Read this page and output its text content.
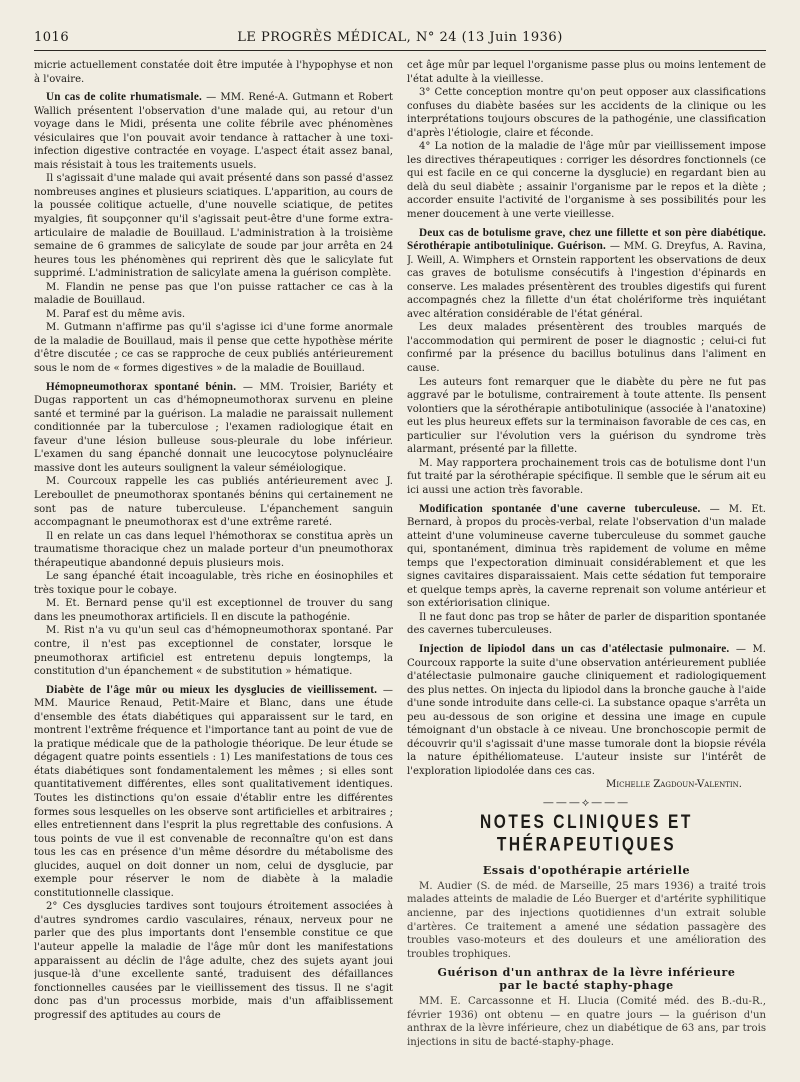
1016	LE PROGRÈS MÉDICAL, N° 24 (13 Juin 1936)

micrie actuellement constatée doit être imputée à l'hypophyse et non à l'ovaire.

Un cas de colite rhumatismale. — MM. René-A. Gutmann et Robert Wallich présentent l'observation d'une malade qui, au retour d'un voyage dans le Midi, présenta une colite fébrile avec phénomènes vésiculaires que l'on pouvait avoir tendance à rattacher à une toxi-infection digestive contractée en voyage. L'aspect était assez banal, mais résistait à tous les traitements usuels.

Il s'agissait d'une malade qui avait présenté dans son passé d'assez nombreuses angines et plusieurs sciatiques. L'apparition, au cours de la poussée colitique actuelle, d'une nouvelle sciatique, de petites myalgies, fit soupçonner qu'il s'agissait peut-être d'une forme extra-articulaire de maladie de Bouillaud. L'administration à la troisième semaine de 6 grammes de salicylate de soude par jour arrêta en 24 heures tous les phénomènes qui reprirent dès que le salicylate fut supprimé. L'administration de salicylate amena la guérison complète.

M. Flandin ne pense pas que l'on puisse rattacher ce cas à la maladie de Bouillaud.

M. Paraf est du même avis.

M. Gutmann n'affirme pas qu'il s'agisse ici d'une forme anormale de la maladie de Bouillaud, mais il pense que cette hypothèse mérite d'être discutée ; ce cas se rapproche de ceux publiés antérieurement sous le nom de « formes digestives » de la maladie de Bouillaud.

Hémopneumothorax spontané bénin. — MM. Troisier, Bariéty et Dugas rapportent un cas d'hémopneumothorax survenu en pleine santé et terminé par la guérison. La maladie ne paraissait nullement conditionnée par la tuberculose ; l'examen radiologique était en faveur d'une lésion bulleuse sous-pleurale du lobe inférieur. L'examen du sang épanché donnait une leucocytose polynucléaire massive dont les auteurs soulignent la valeur séméiologique.

M. Courcoux rappelle les cas publiés antérieurement avec J. Lereboullet de pneumothorax spontanés bénins qui certainement ne sont pas de nature tuberculeuse. L'épanchement sanguin accompagnant le pneumothorax est d'une extrême rareté.

Il en relate un cas dans lequel l'hémothorax se constitua après un traumatisme thoracique chez un malade porteur d'un pneumothorax thérapeutique abandonné depuis plusieurs mois.

Le sang épanché était incoagulable, très riche en éosinophiles et très toxique pour le cobaye.

M. Et. Bernard pense qu'il est exceptionnel de trouver du sang dans les pneumothorax artificiels. Il en discute la pathogénie.

M. Rist n'a vu qu'un seul cas d'hémopneumothorax spontané. Par contre, il n'est pas exceptionnel de constater, lorsque le pneumothorax artificiel est entretenu depuis longtemps, la constitution d'un épanchement « de substitution » hématique.

Diabète de l'âge mûr ou mieux les dysglucies de vieillissement. — MM. Maurice Renaud, Petit-Maire et Blanc, dans une étude d'ensemble des états diabétiques qui apparaissent sur le tard, en montrent l'extrême fréquence et l'importance tant au point de vue de la pratique médicale que de la pathologie théorique. De leur étude se dégagent quatre points essentiels : 1) Les manifestations de tous ces états diabétiques sont fondamentalement les mêmes ; si elles sont quantitativement différentes, elles sont qualitativement identiques. Toutes les distinctions qu'on essaie d'établir entre les différentes formes sous lesquelles on les observe sont artificielles et arbitraires ; elles entretiennent dans l'esprit la plus regrettable des confusions. A tous points de vue il est convenable de reconnaître qu'on est dans tous les cas en présence d'un même désordre du métabolisme des glucides, auquel on doit donner un nom, celui de dysglucie, par exemple pour réserver le nom de diabète à la maladie constitutionnelle classique.

2° Ces dysglucies tardives sont toujours étroitement associées à d'autres syndromes cardio vasculaires, rénaux, nerveux pour ne parler que des plus importants dont l'ensemble constitue ce que l'auteur appelle la maladie de l'âge mûr dont les manifestations apparaissent au déclin de l'âge adulte, chez des sujets ayant joui jusque-là d'une excellente santé, traduisent des défaillances fonctionnelles causées par le vieillissement des tissus. Il ne s'agit donc pas d'un processus morbide, mais d'un affaiblissement progressif des aptitudes au cours de

cet âge mûr par lequel l'organisme passe plus ou moins lentement de l'état adulte à la vieillesse.

3° Cette conception montre qu'on peut opposer aux classifications confuses du diabète basées sur les accidents de la clinique ou les interprétations toujours obscures de la pathogénie, une classification d'après l'étiologie, claire et féconde.

4° La notion de la maladie de l'âge mûr par vieillissement impose les directives thérapeutiques : corriger les désordres fonctionnels (ce qui est facile en ce qui concerne la dysglucie) en regardant bien au delà du seul diabète ; assainir l'organisme par le repos et la diète ; accorder ensuite l'activité de l'organisme à ses possibilités pour les mener doucement à une verte vieillesse.

Deux cas de botulisme grave, chez une fillette et son père diabétique. Sérothérapie antibotulinique. Guérison. — MM. G. Dreyfus, A. Ravina, J. Weill, A. Wimphers et Ornstein rapportent les observations de deux cas graves de botulisme consécutifs à l'ingestion d'épinards en conserve. Les malades présentèrent des troubles digestifs qui furent accompagnés chez la fillette d'un état cholériforme très inquiétant avec altération considérable de l'état général.

Les deux malades présentèrent des troubles marqués de l'accommodation qui permirent de poser le diagnostic ; celui-ci fut confirmé par la présence du bacillus botulinus dans l'aliment en cause.

Les auteurs font remarquer que le diabète du père ne fut pas aggravé par le botulisme, contrairement à toute attente. Ils pensent volontiers que la sérothérapie antibotulinique (associée à l'anatoxine) eut les plus heureux effets sur la terminaison favorable de ces cas, en particulier sur l'évolution vers la guérison du syndrome très alarmant, présenté par la fillette.

M. May rapportera prochainement trois cas de botulisme dont l'un fut traité par la sérothérapie spécifique. Il semble que le sérum ait eu ici aussi une action très favorable.

Modification spontanée d'une caverne tuberculeuse. — M. Et. Bernard, à propos du procès-verbal, relate l'observation d'un malade atteint d'une volumineuse caverne tuberculeuse du sommet gauche qui, spontanément, diminua très rapidement de volume en même temps que l'expectoration diminuait considérablement et que les signes cavitaires disparaissaient. Mais cette sédation fut temporaire et quelque temps après, la caverne reprenait son volume antérieur et son extériorisation clinique.

Il ne faut donc pas trop se hâter de parler de disparition spontanée des cavernes tuberculeuses.

Injection de lipiodol dans un cas d'atélectasie pulmonaire. — M. Courcoux rapporte la suite d'une observation antérieurement publiée d'atélectasie pulmonaire gauche cliniquement et radiologiquement des plus nettes. On injecta du lipiodol dans la bronche gauche à l'aide d'une sonde introduite dans celle-ci. La substance opaque s'arrêta un peu au-dessous de son origine et dessina une image en cupule témoignant d'un obstacle à ce niveau. Une bronchoscopie permit de découvrir qu'il s'agissait d'une masse tumorale dont la biopsie révéla la nature épithéliomateuse. L'auteur insiste sur l'intérêt de l'exploration lipiodolée dans ces cas.

Michelle Zagdoun-Valentin.
———⟡———
NOTES CLINIQUES ET THÉRAPEUTIQUES
Essais d'opothérapie artérielle

M. Audier (S. de méd. de Marseille, 25 mars 1936) a traité trois malades atteints de maladie de Léo Buerger et d'artérite syphilitique ancienne, par des injections quotidiennes d'un extrait soluble d'artères. Ce traitement a amené une sédation passagère des troubles vaso-moteurs et des douleurs et une amélioration des troubles trophiques.

Guérison d'un anthrax de la lèvre inférieure
par le bacté staphy-phage

MM. E. Carcassonne et H. Llucia (Comité méd. des B.-du-R., février 1936) ont obtenu — en quatre jours — la guérison d'un anthrax de la lèvre inférieure, chez un diabétique de 63 ans, par trois injections in situ de bacté-staphy-phage.
